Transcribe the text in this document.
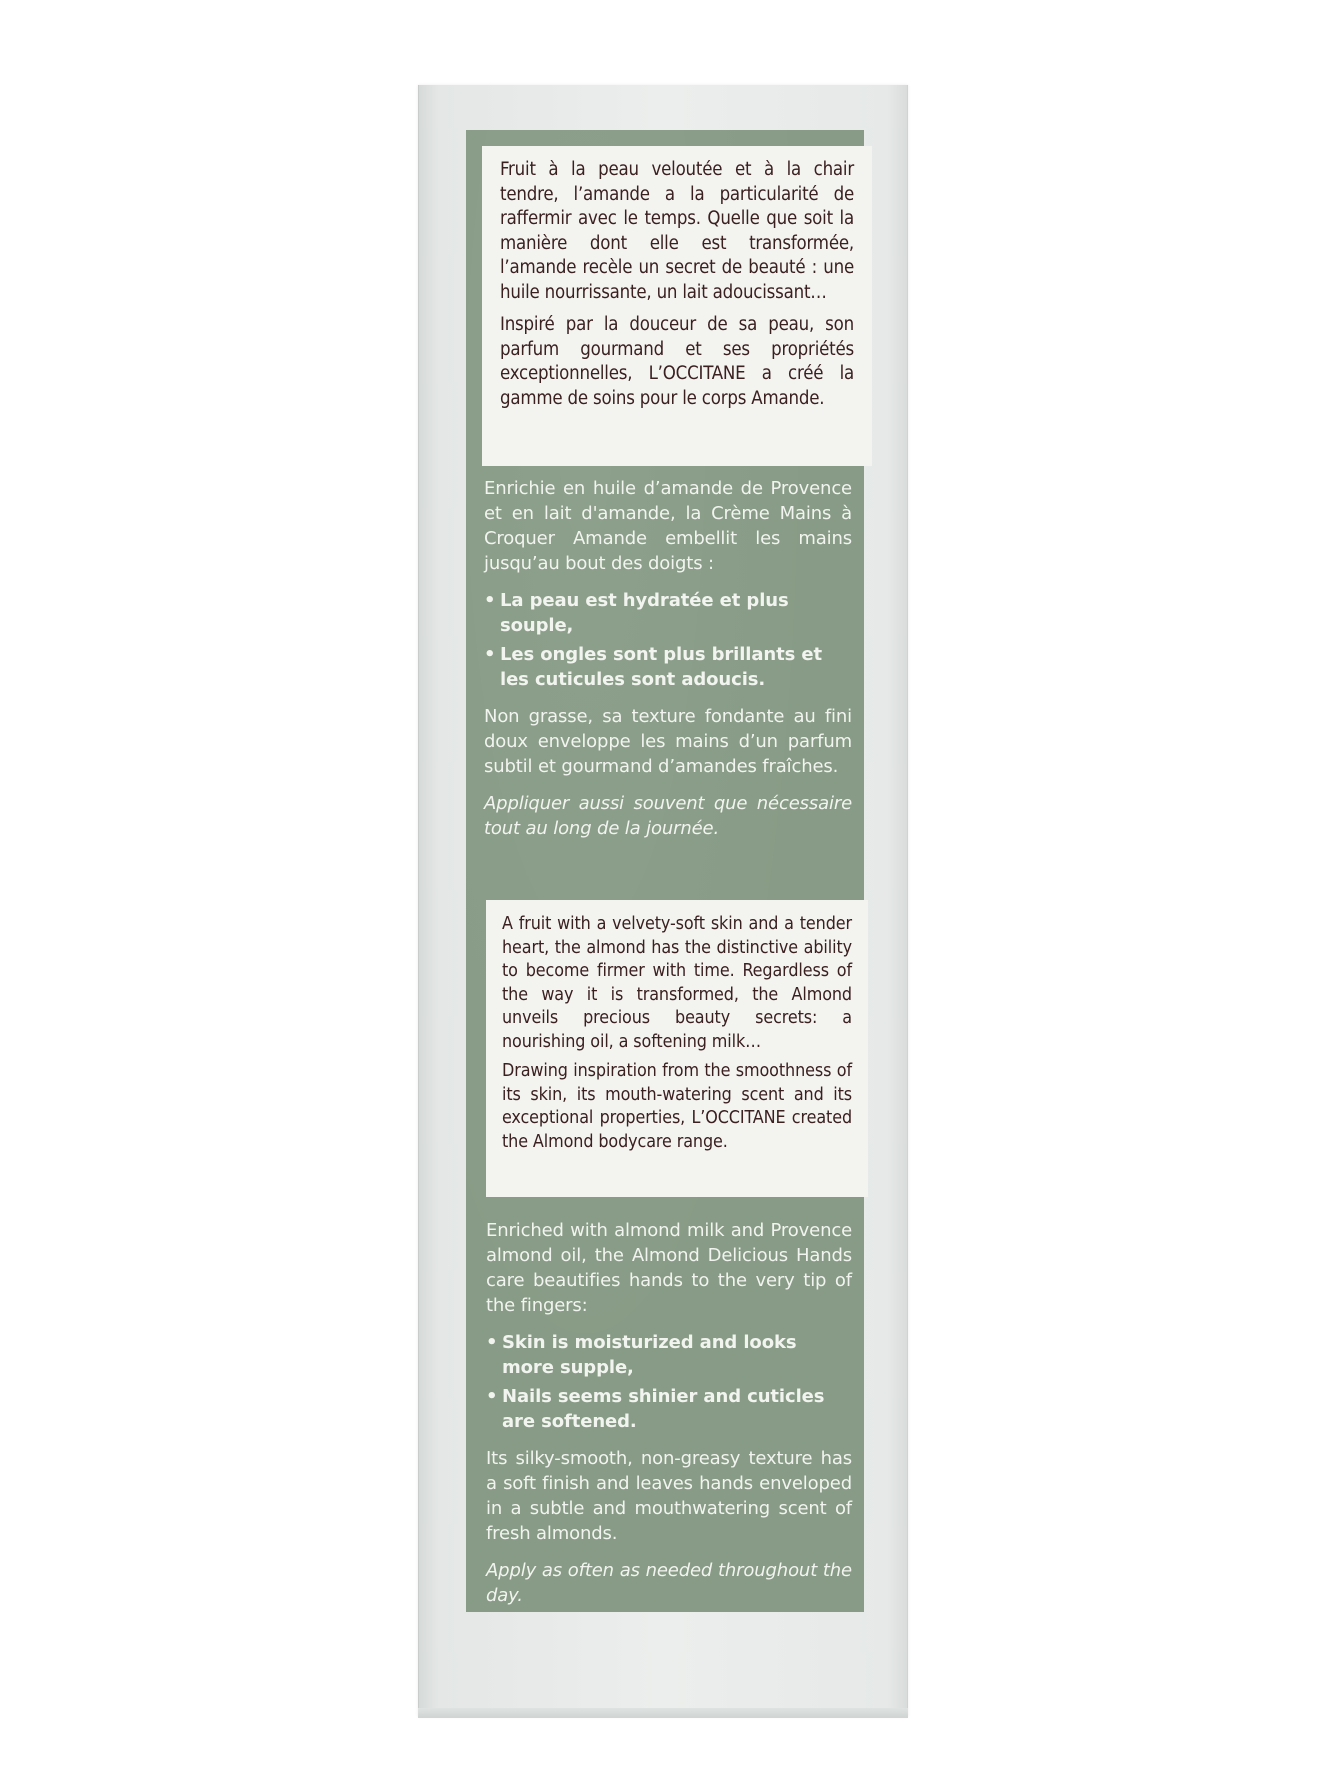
Fruit à la peau veloutée et à la chair tendre, l’amande a la particularité de raffermir avec le temps. Quelle que soit la manière dont elle est transformée, l’amande recèle un secret de beauté : une huile nourrissante, un lait adoucissant…

Inspiré par la douceur de sa peau, son parfum gourmand et ses propriétés exceptionnelles, L’OCCITANE a créé la gamme de soins pour le corps Amande.

Enrichie en huile d’amande de Provence et en lait d'amande, la Crème Mains à Croquer Amande embellit les mains jusqu’au bout des doigts :

• La peau est hydratée et plus souple,
• Les ongles sont plus brillants et les cuticules sont adoucis.

Non grasse, sa texture fondante au fini doux enveloppe les mains d’un parfum subtil et gourmand d’amandes fraîches.

Appliquer aussi souvent que nécessaire tout au long de la journée.

A fruit with a velvety-soft skin and a tender heart, the almond has the distinctive ability to become firmer with time. Regardless of the way it is transformed, the Almond unveils precious beauty secrets: a nourishing oil, a softening milk…

Drawing inspiration from the smoothness of its skin, its mouth-watering scent and its exceptional properties, L’OCCITANE created the Almond bodycare range.

Enriched with almond milk and Provence almond oil, the Almond Delicious Hands care beautifies hands to the very tip of the fingers:

• Skin is moisturized and looks more supple,
• Nails seems shinier and cuticles are softened.

Its silky-smooth, non-greasy texture has a soft finish and leaves hands enveloped in a subtle and mouthwatering scent of fresh almonds.

Apply as often as needed throughout the day.
